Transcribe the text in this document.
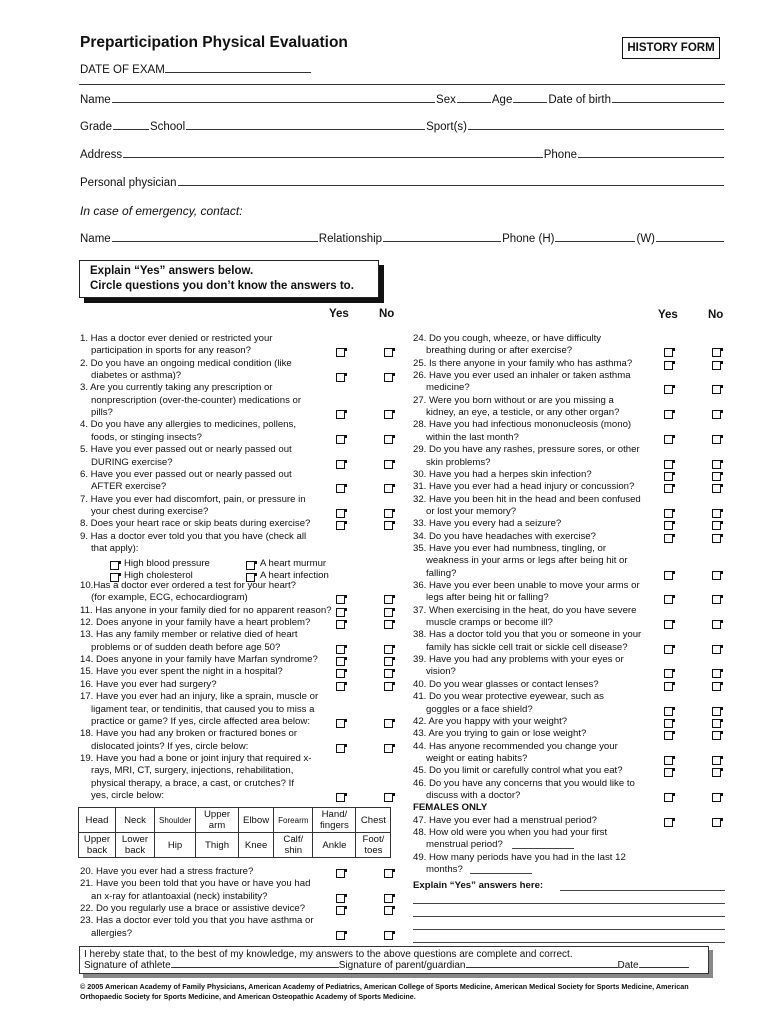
Preparticipation Physical Evaluation	HISTORY FORM
DATE OF EXAM
Name	Sex	Age	Date of birth
Grade	School	Sport(s)
Address	Phone
Personal physician
In case of emergency, contact:
Name	Relationship	Phone (H)	(W)
Explain “Yes” answers below.
Circle questions you don’t know the answers to.
Yes	No	Yes	No
1. Has a doctor ever denied or restricted your
participation in sports for any reason?
2. Do you have an ongoing medical condition (like
diabetes or asthma)?
3. Are you currently taking any prescription or
nonprescription (over-the-counter) medications or
pills?
4. Do you have any allergies to medicines, pollens,
foods, or stinging insects?
5. Have you ever passed out or nearly passed out
DURING exercise?
6. Have you ever passed out or nearly passed out
AFTER exercise?
7. Have you ever had discomfort, pain, or pressure in
your chest during exercise?
8. Does your heart race or skip beats during exercise?
9. Has a doctor ever told you that you have (check all
that apply):
10.Has a doctor ever ordered a test for your heart?
(for example, ECG, echocardiogram)
11. Has anyone in your family died for no apparent reason?
12. Does anyone in your family have a heart problem?
13. Has any family member or relative died of heart
problems or of sudden death before age 50?
14. Does anyone in your family have Marfan syndrome?
15. Have you ever spent the night in a hospital?
16. Have you ever had surgery?
17. Have you ever had an injury, like a sprain, muscle or
ligament tear, or tendinitis, that caused you to miss a
practice or game? If yes, circle affected area below:
18. Have you had any broken or fractured bones or
dislocated joints? If yes, circle below:
19. Have you had a bone or joint injury that required x-
rays, MRI, CT, surgery, injections, rehabilitation,
physical therapy, a brace, a cast, or crutches? If
yes, circle below:
20. Have you ever had a stress fracture?
21. Have you been told that you have or have you had
an x-ray for atlantoaxial (neck) instability?
22. Do you regularly use a brace or assistive device?
23. Has a doctor ever told you that you have asthma or
allergies?
24. Do you cough, wheeze, or have difficulty
breathing during or after exercise?
25. Is there anyone in your family who has asthma?
26. Have you ever used an inhaler or taken asthma
medicine?
27. Were you born without or are you missing a
kidney, an eye, a testicle, or any other organ?
28. Have you had infectious mononucleosis (mono)
within the last month?
29. Do you have any rashes, pressure sores, or other
skin problems?
30. Have you had a herpes skin infection?
31. Have you ever had a head injury or concussion?
32. Have you been hit in the head and been confused
or lost your memory?
33. Have you every had a seizure?
34. Do you have headaches with exercise?
35. Have you ever had numbness, tingling, or
weakness in your arms or legs after being hit or
falling?
36. Have you ever been unable to move your arms or
legs after being hit or falling?
37. When exercising in the heat, do you have severe
muscle cramps or become ill?
38. Has a doctor told you that you or someone in your
family has sickle cell trait or sickle cell disease?
39. Have you had any problems with your eyes or
vision?
40. Do you wear glasses or contact lenses?
41. Do you wear protective eyewear, such as
goggles or a face shield?
42. Are you happy with your weight?
43. Are you trying to gain or lose weight?
44. Has anyone recommended you change your
weight or eating habits?
45. Do you limit or carefully control what you eat?
46. Do you have any concerns that you would like to
discuss with a doctor?
FEMALES ONLY
47. Have you ever had a menstrual period?
48. How old were you when you had your first
menstrual period?
49. How many periods have you had in the last 12
months?
High blood pressure	A heart murmur
High cholesterol	A heart infection
Head	Neck	Shoulder	Upper arm	Elbow	Forearm	Hand/ fingers	Chest
Upper back	Lower back	Hip	Thigh	Knee	Calf/ shin	Ankle	Foot/ toes
Explain “Yes” answers here:
I hereby state that, to the best of my knowledge, my answers to the above questions are complete and correct.
Signature of athlete	Signature of parent/guardian	Date
© 2005 American Academy of Family Physicians, American Academy of Pediatrics, American College of Sports Medicine, American Medical Society for Sports Medicine, American Orthopaedic Society for Sports Medicine, and American Osteopathic Academy of Sports Medicine.
